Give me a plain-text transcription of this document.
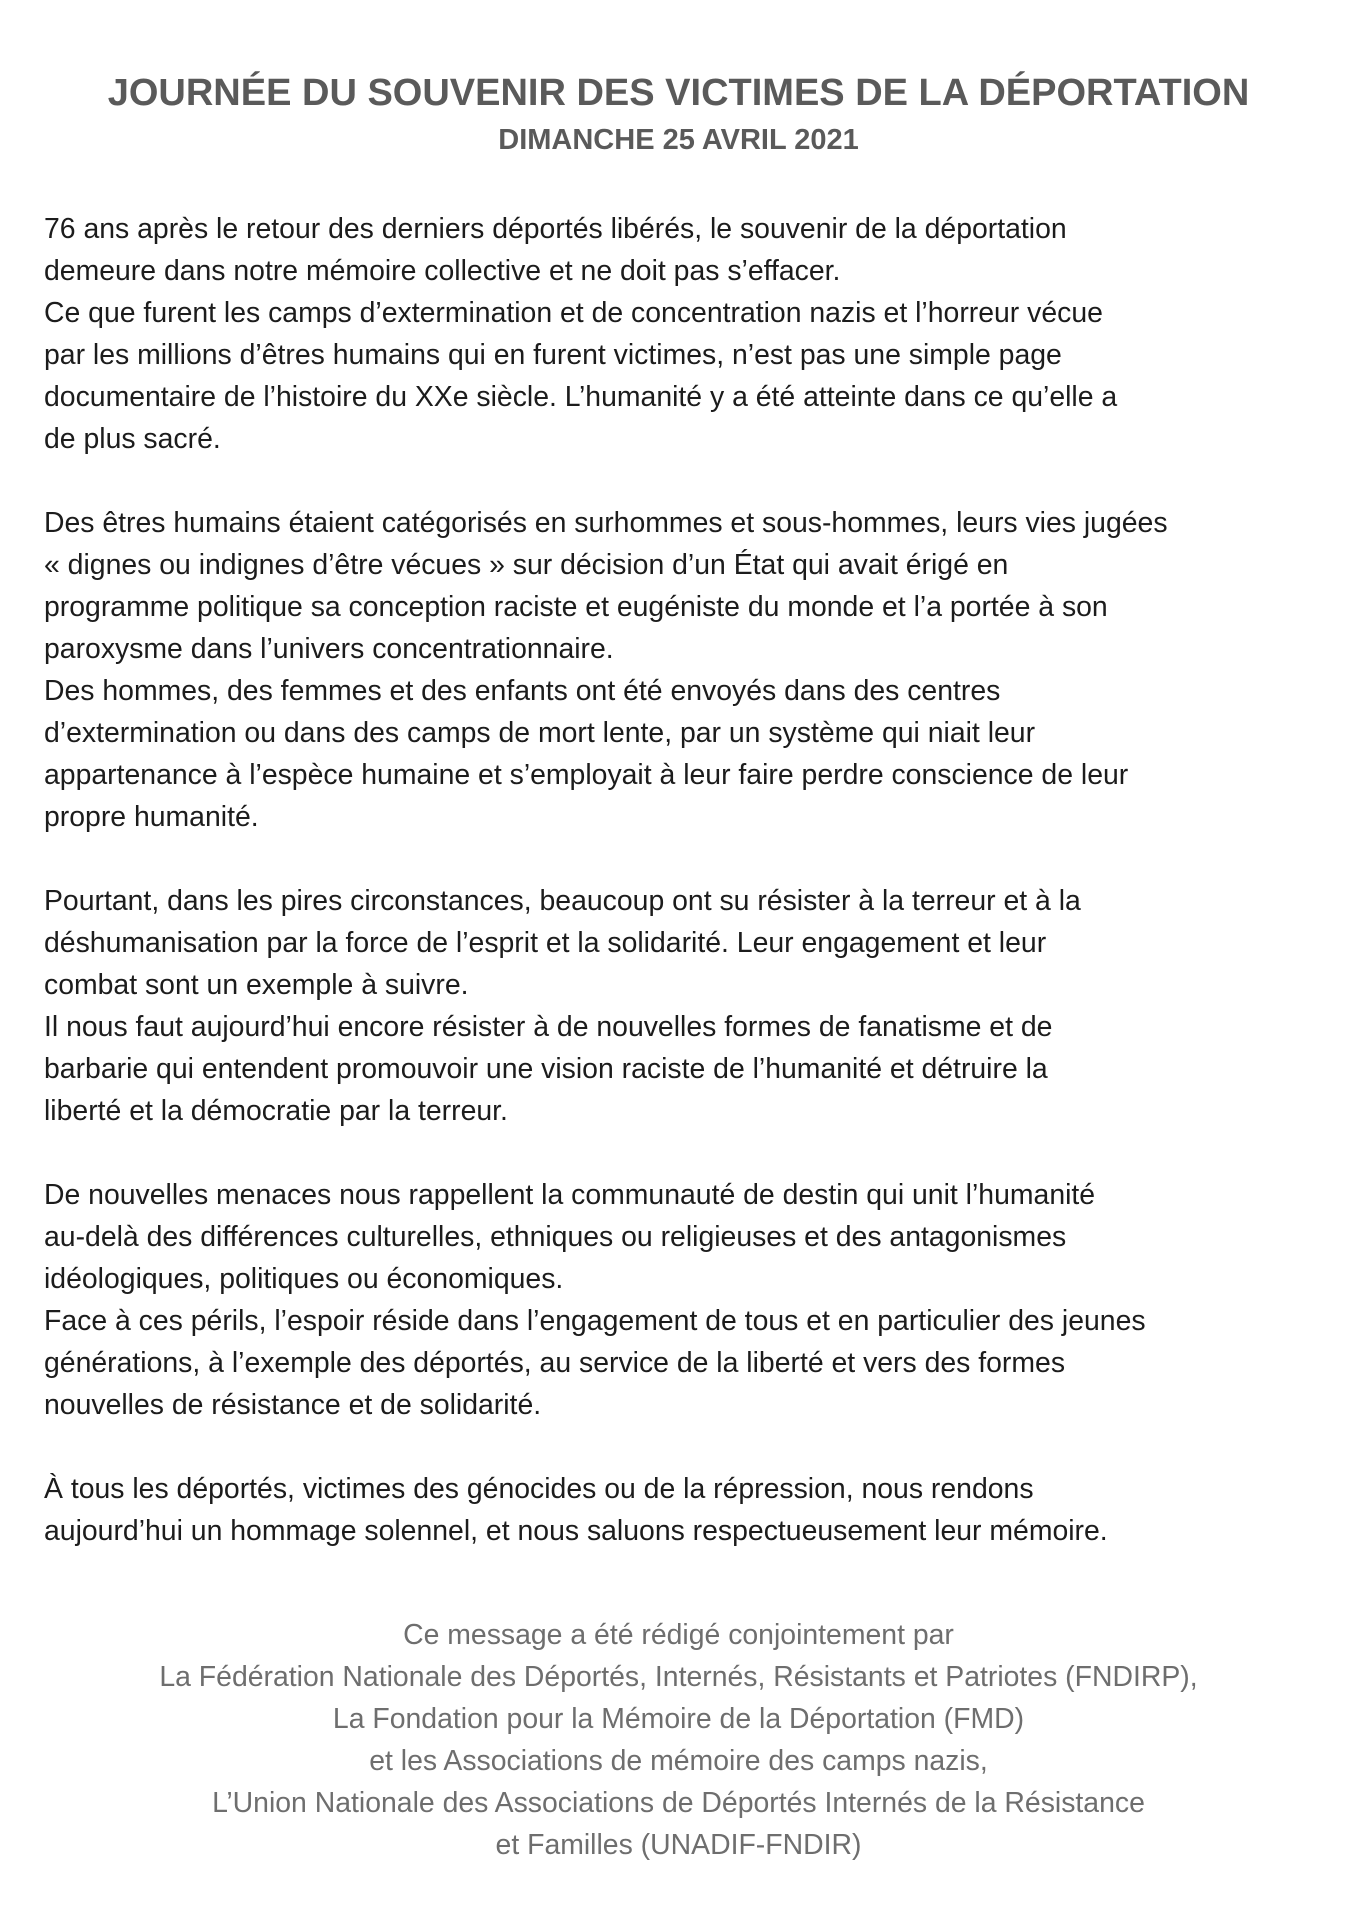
JOURNÉE DU SOUVENIR DES VICTIMES DE LA DÉPORTATION
DIMANCHE 25 AVRIL 2021

76 ans après le retour des derniers déportés libérés, le souvenir de la déportation
demeure dans notre mémoire collective et ne doit pas s’effacer.
Ce que furent les camps d’extermination et de concentration nazis et l’horreur vécue
par les millions d’êtres humains qui en furent victimes, n’est pas une simple page
documentaire de l’histoire du XXe siècle. L’humanité y a été atteinte dans ce qu’elle a
de plus sacré.

Des êtres humains étaient catégorisés en surhommes et sous-hommes, leurs vies jugées
« dignes ou indignes d’être vécues » sur décision d’un État qui avait érigé en
programme politique sa conception raciste et eugéniste du monde et l’a portée à son
paroxysme dans l’univers concentrationnaire.
Des hommes, des femmes et des enfants ont été envoyés dans des centres
d’extermination ou dans des camps de mort lente, par un système qui niait leur
appartenance à l’espèce humaine et s’employait à leur faire perdre conscience de leur
propre humanité.

Pourtant, dans les pires circonstances, beaucoup ont su résister à la terreur et à la
déshumanisation par la force de l’esprit et la solidarité. Leur engagement et leur
combat sont un exemple à suivre.
Il nous faut aujourd’hui encore résister à de nouvelles formes de fanatisme et de
barbarie qui entendent promouvoir une vision raciste de l’humanité et détruire la
liberté et la démocratie par la terreur.

De nouvelles menaces nous rappellent la communauté de destin qui unit l’humanité
au-delà des différences culturelles, ethniques ou religieuses et des antagonismes
idéologiques, politiques ou économiques.
Face à ces périls, l’espoir réside dans l’engagement de tous et en particulier des jeunes
générations, à l’exemple des déportés, au service de la liberté et vers des formes
nouvelles de résistance et de solidarité.

À tous les déportés, victimes des génocides ou de la répression, nous rendons
aujourd’hui un hommage solennel, et nous saluons respectueusement leur mémoire.

Ce message a été rédigé conjointement par
La Fédération Nationale des Déportés, Internés, Résistants et Patriotes (FNDIRP),
La Fondation pour la Mémoire de la Déportation (FMD)
et les Associations de mémoire des camps nazis,
L’Union Nationale des Associations de Déportés Internés de la Résistance
et Familles (UNADIF-FNDIR)
